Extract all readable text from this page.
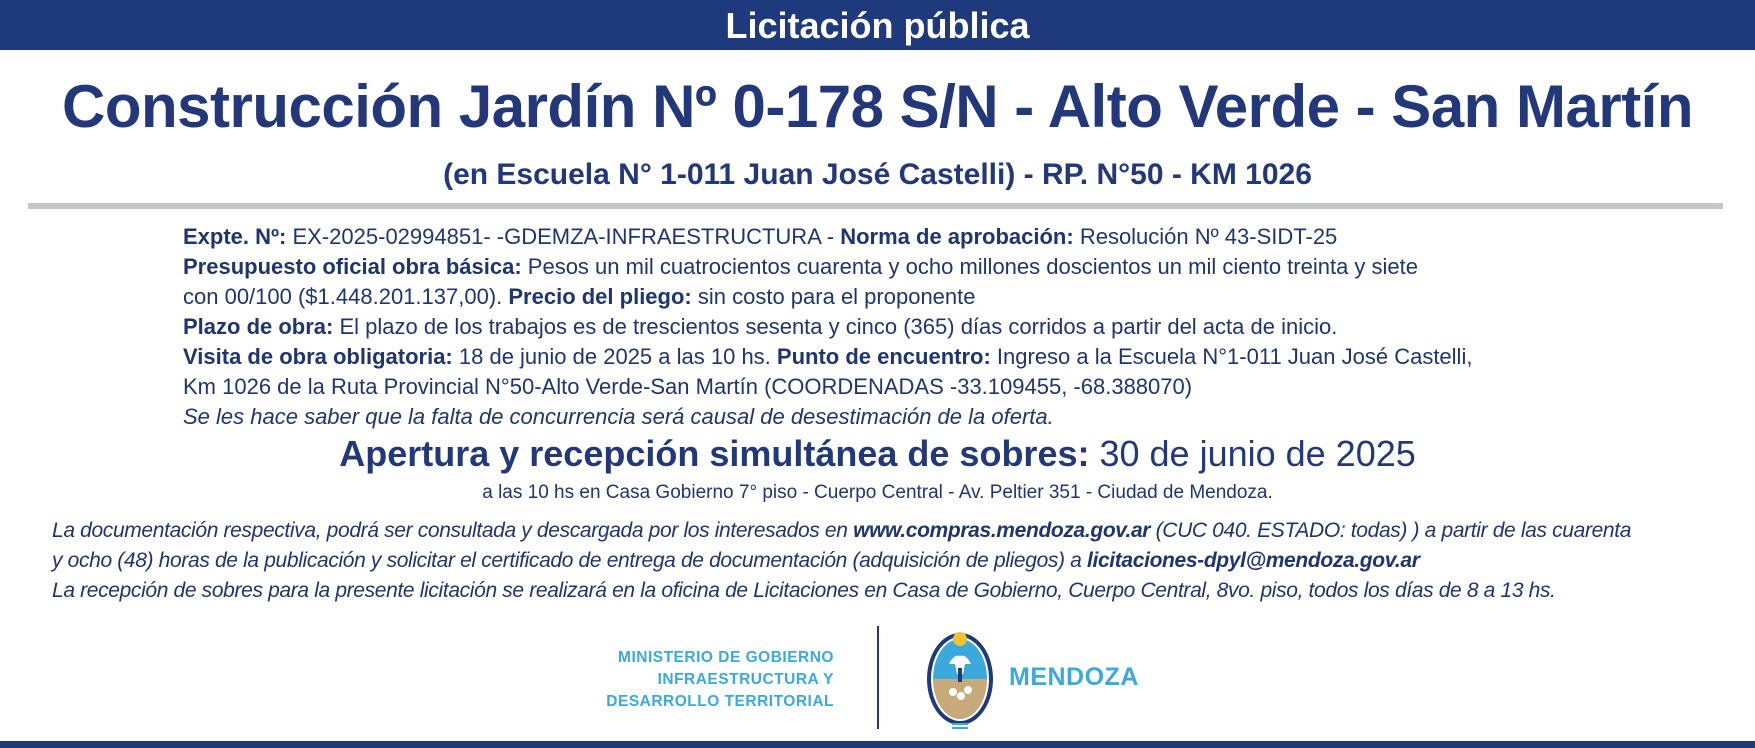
Licitación pública
Construcción Jardín Nº 0-178 S/N - Alto Verde - San Martín
(en Escuela N° 1-011 Juan José Castelli) - RP. N°50 - KM 1026

Expte. Nº: EX-2025-02994851- -GDEMZA-INFRAESTRUCTURA - Norma de aprobación: Resolución Nº 43-SIDT-25

Presupuesto oficial obra básica: Pesos un mil cuatrocientos cuarenta y ocho millones doscientos un mil ciento treinta y siete

con 00/100 ($1.448.201.137,00). Precio del pliego: sin costo para el proponente

Plazo de obra: El plazo de los trabajos es de trescientos sesenta y cinco (365) días corridos a partir del acta de inicio.

Visita de obra obligatoria: 18 de junio de 2025 a las 10 hs. Punto de encuentro: Ingreso a la Escuela N°1-011 Juan José Castelli,

Km 1026 de la Ruta Provincial N°50-Alto Verde-San Martín (COORDENADAS -33.109455, -68.388070)

Se les hace saber que la falta de concurrencia será causal de desestimación de la oferta.

Apertura y recepción simultánea de sobres: 30 de junio de 2025
a las 10 hs en Casa Gobierno 7° piso - Cuerpo Central - Av. Peltier 351 - Ciudad de Mendoza.

La documentación respectiva, podrá ser consultada y descargada por los interesados en www.compras.mendoza.gov.ar (CUC 040. ESTADO: todas) ) a partir de las cuarenta

y ocho (48) horas de la publicación y solicitar el certificado de entrega de documentación (adquisición de pliegos) a licitaciones-dpyl@mendoza.gov.ar

La recepción de sobres para la presente licitación se realizará en la oficina de Licitaciones en Casa de Gobierno, Cuerpo Central, 8vo. piso, todos los días de 8 a 13 hs.

MINISTERIO DE GOBIERNO
INFRAESTRUCTURA Y
DESARROLLO TERRITORIAL
MENDOZA
